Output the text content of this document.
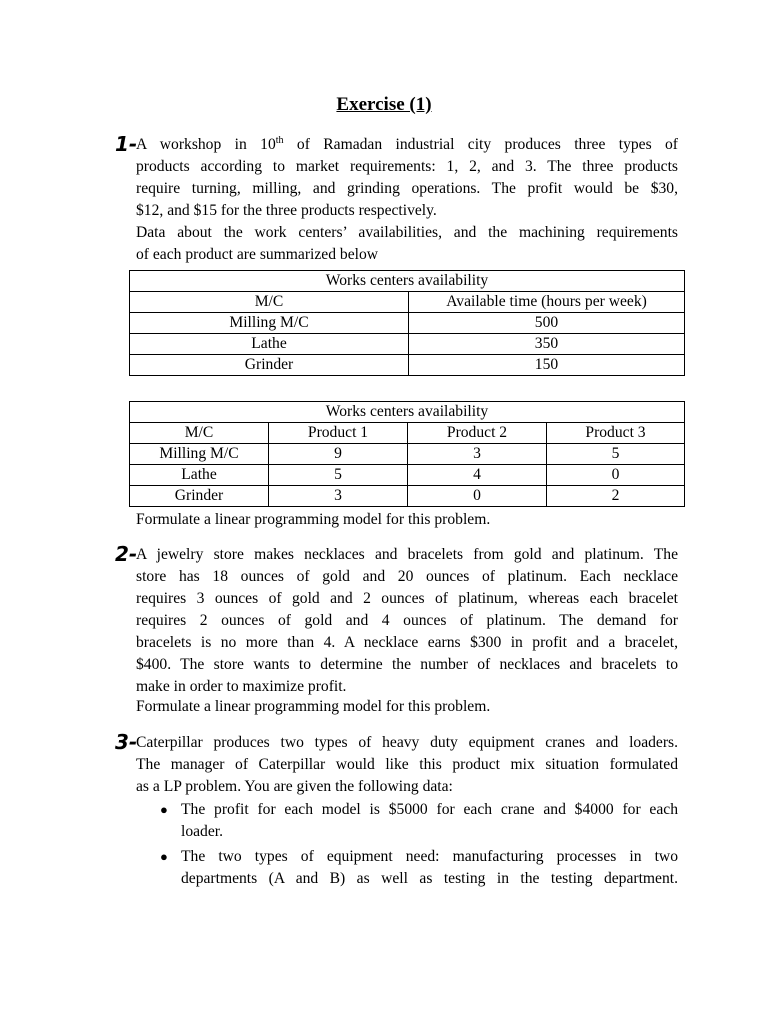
Exercise (1)
1-
A workshop in 10th of Ramadan industrial city produces three types of
products according to market requirements: 1, 2, and 3. The three products
require turning, milling, and grinding operations. The profit would be $30,
$12, and $15 for the three products respectively.
Data about the work centers’ availabilities, and the machining requirements
of each product are summarized below
Works centers availability	
M/C	Available time (hours per week)
Milling M/C	500
Lathe	350
Grinder	150
Works centers availability			
M/C	Product 1	Product 2	Product 3
Milling M/C	9	3	5
Lathe	5	4	0
Grinder	3	0	2
Formulate a linear programming model for this problem.
2-
A jewelry store makes necklaces and bracelets from gold and platinum. The
store has 18 ounces of gold and 20 ounces of platinum. Each necklace
requires 3 ounces of gold and 2 ounces of platinum, whereas each bracelet
requires 2 ounces of gold and 4 ounces of platinum. The demand for
bracelets is no more than 4. A necklace earns $300 in profit and a bracelet,
$400. The store wants to determine the number of necklaces and bracelets to
make in order to maximize profit.
Formulate a linear programming model for this problem.
3-
Caterpillar produces two types of heavy duty equipment cranes and loaders.
The manager of Caterpillar would like this product mix situation formulated
as a LP problem. You are given the following data:
● The profit for each model is $5000 for each crane and $4000 for each
loader.
● The two types of equipment need: manufacturing processes in two
departments (A and B) as well as testing in the testing department.
